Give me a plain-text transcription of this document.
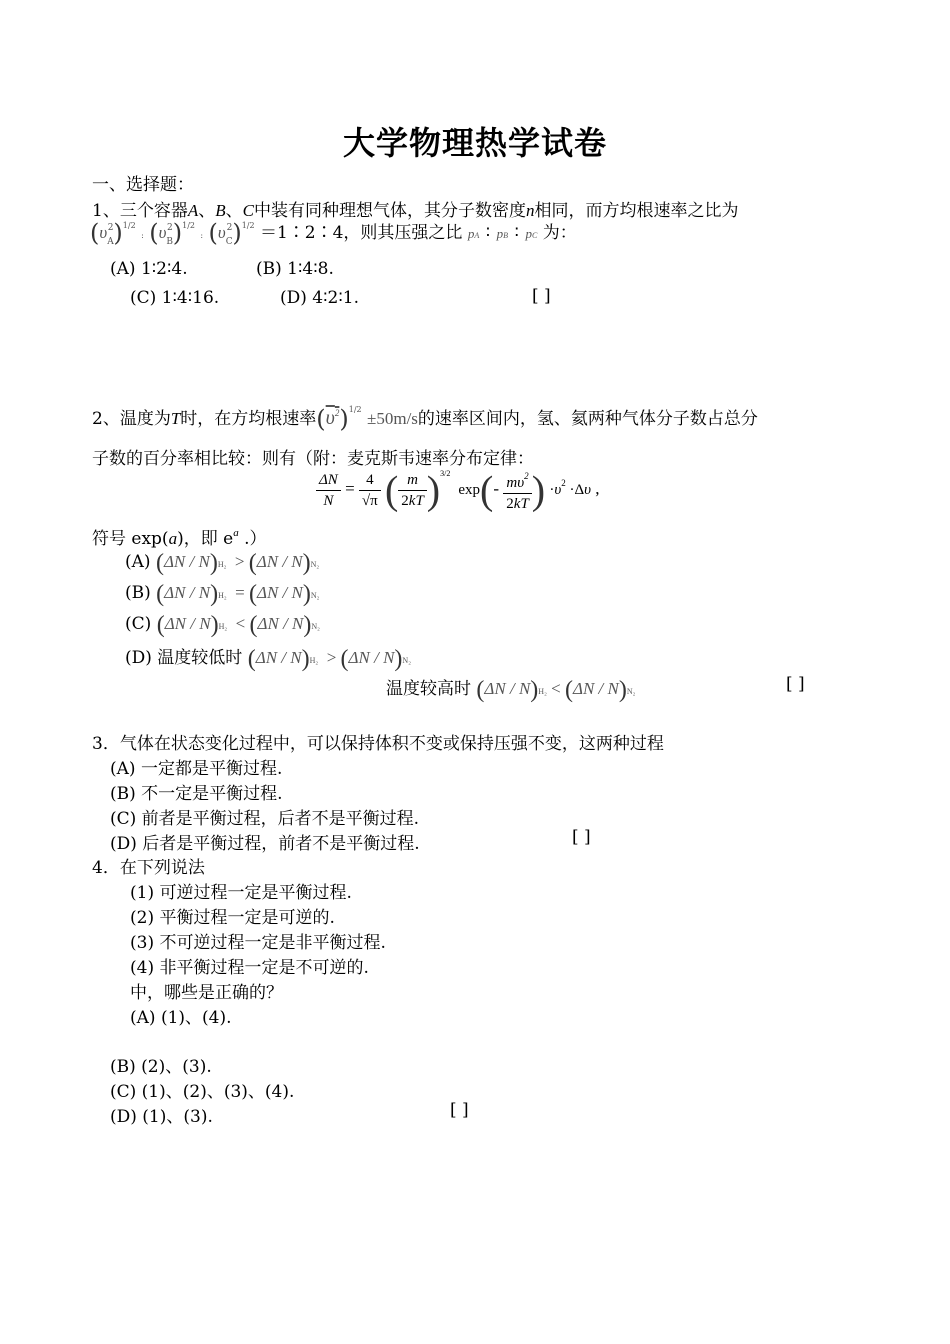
大学物理热学试卷
一、选择题：
1、三个容器A、B、C中装有同种理想气体，其分子数密度n相同，而方均根速率之比为
$(\upsilon_A^2)^{1/2}$ : $(\upsilon_B^2)^{1/2}$ : $(\upsilon_C^2)^{1/2}$ ＝1∶2∶4，则其压强之比 pA ∶  pB ∶  pC 为：
(A) 1∶2∶4.	(B) 1∶4∶8.
(C) 1∶4∶16.	(D) 4∶2∶1.	[ ]
2、温度为T时，在方均根速率$(\upsilon^2)^{1/2} \pm 50m/s$的速率区间内，氢、氦两种气体分子数占总分
子数的百分率相比较：则有（附：麦克斯韦速率分布定律：
$\frac{\Delta N}{N} = \frac{4}{√\pi}$ ( $\frac{m}{2kT} )^{3/2}$  $\exp(- \frac{m\upsilon^2}{2kT}$ ) $\cdot\upsilon^2 \cdot\Delta\upsilon$ ,
符号 exp(a)，即 $e^a$ .）
(A) (ΔN / N)H₂  > (ΔN / N)N₂
(B) (ΔN / N)H₂  = (ΔN / N)N₂
(C) (ΔN / N)H₂  < (ΔN / N)N₂
(D) 温度较低时 (ΔN / N)H₂  > (ΔN / N)N₂
温度较高时 (ΔN / N)H₂ < (ΔN / N)N₂	[ ]
3．气体在状态变化过程中，可以保持体积不变或保持压强不变，这两种过程
(A) 一定都是平衡过程.
(B) 不一定是平衡过程.
(C) 前者是平衡过程，后者不是平衡过程.
(D) 后者是平衡过程，前者不是平衡过程.	[ ]
4．在下列说法
(1) 可逆过程一定是平衡过程.
(2) 平衡过程一定是可逆的.
(3) 不可逆过程一定是非平衡过程.
(4) 非平衡过程一定是不可逆的.
中，哪些是正确的？
(A) (1)、(4).
(B) (2)、(3).
(C) (1)、(2)、(3)、(4).
(D) (1)、(3).	[ ]
